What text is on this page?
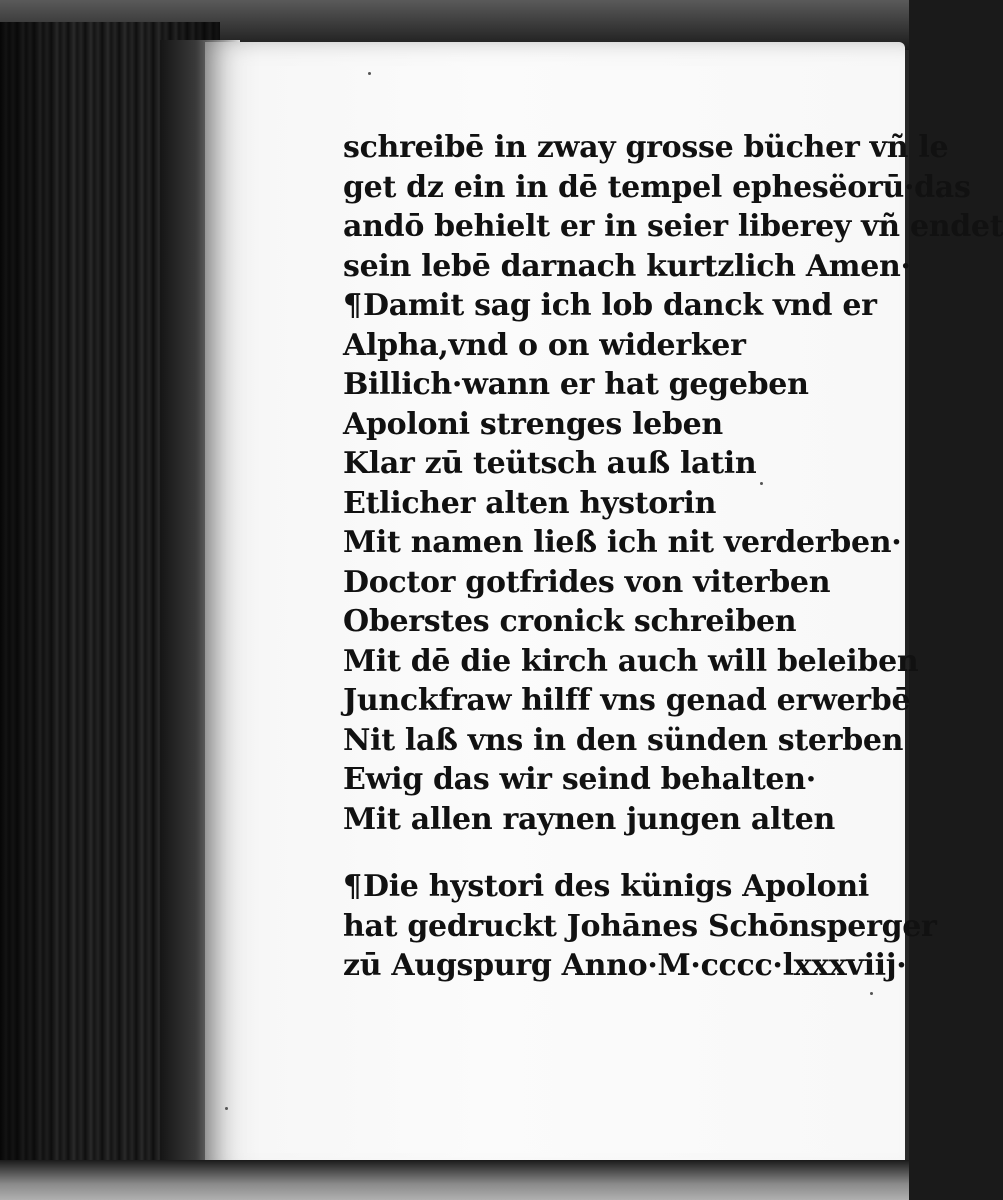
schreibē in zway grosse bücher vñ le
get dz ein in dē tempel ephesëorū·das
andō behielt er in seier liberey vñ endet
sein lebē darnach kurtzlich Amen·
¶Damit sag ich lob danck vnd er
Alpha,vnd o on widerker
Billich·wann er hat gegeben
Apoloni strenges leben
Klar zū teütsch auß latin
Etlicher alten hystorin
Mit namen ließ ich nit verderben·
Doctor gotfrides von viterben
Oberstes cronick schreiben
Mit dē die kirch auch will beleiben
Junckfraw hilff vns genad erwerbē
Nit laß vns in den sünden sterben
Ewig das wir seind behalten·
Mit allen raynen jungen alten
¶Die hystori des künigs Apoloni
hat gedruckt Johānes Schōnsperger
zū Augspurg Anno·M·cccc·lxxxviij·
